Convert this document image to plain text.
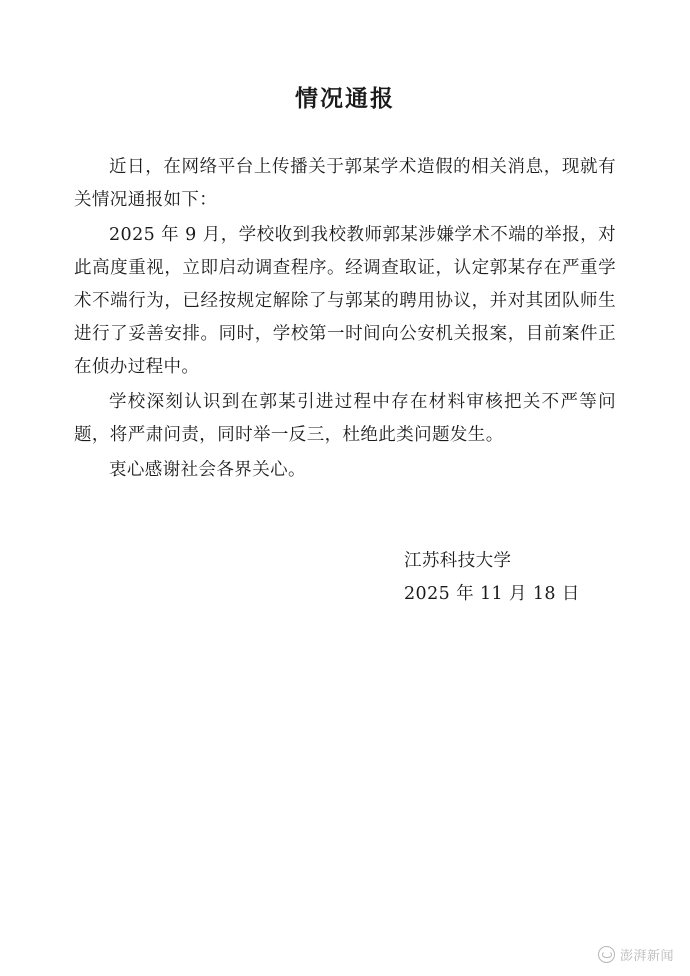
情况通报

近日，在网络平台上传播关于郭某学术造假的相关消息，现就有关情况通报如下：

2025 年 9 月，学校收到我校教师郭某涉嫌学术不端的举报，对此高度重视，立即启动调查程序。经调查取证，认定郭某存在严重学术不端行为，已经按规定解除了与郭某的聘用协议，并对其团队师生进行了妥善安排。同时，学校第一时间向公安机关报案，目前案件正在侦办过程中。

学校深刻认识到在郭某引进过程中存在材料审核把关不严等问题，将严肃问责，同时举一反三，杜绝此类问题发生。

衷心感谢社会各界关心。

江苏科技大学
2025 年 11 月 18 日
澎湃新闻
